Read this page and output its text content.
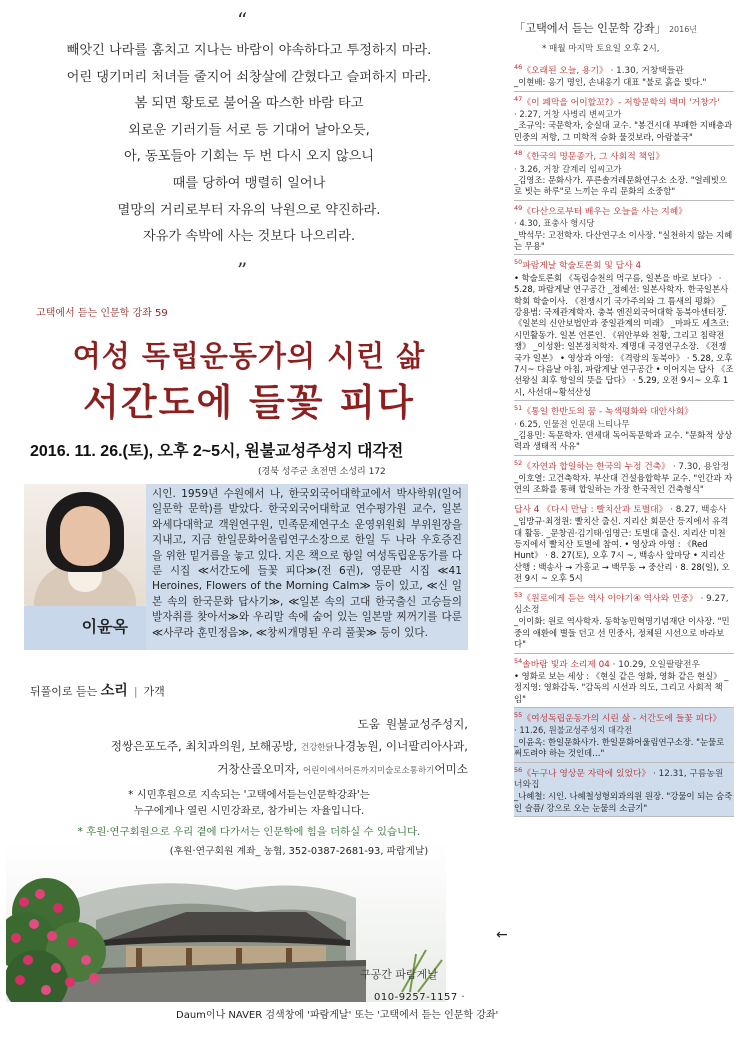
“
빼앗긴 나라를 훔치고 지나는 바람이 야속하다고 투정하지 마라.
어린 댕기머리 처녀들 줄지어 쇠창살에 갇혔다고 슬퍼하지 마라.
봄 되면 황토로 불어올 따스한 바람 타고
외로운 기러기들 서로 등 기대어 날아오듯,
아, 동포들아 기회는 두 번 다시 오지 않으니
때를 당하여 맹렬히 일어나
멸망의 거리로부터 자유의 낙원으로 약진하라.
자유가 속박에 사는 것보다 나으리라.
”
고택에서 듣는 인문학 강좌 59
여성 독립운동가의 시린 삶
서간도에 들꽃 피다
2016. 11. 26.(토), 오후 2~5시, 원불교성주성지 대각전
(경북 성주군 초전면 소성리 172
이윤옥
시인. 1959년 수원에서 나, 한국외국어대학교에서 박사학위(일어일문학 문학)를 받았다. 한국외국어대학교 연수평가원 교수, 일본 와세다대학교 객원연구원, 민족문제연구소 운영위원회 부위원장을 지내고, 지금 한일문화어울림연구소장으로 한일 두 나라 우호증진을 위한 밑거름을 놓고 있다. 지은 책으로 항일 여성독립운동가를 다룬 시집 ≪서간도에 들꽃 피다≫(전 6권), 영문판 시집 ≪41 Heroines, Flowers of the Morning Calm≫ 등이 있고, ≪신 일본 속의 한국문화 답사기≫, ≪일본 속의 고대 한국출신 고승들의 발자취를 찾아서≫와 우리말 속에 숨어 있는 일본말 찌꺼기를 다룬 ≪사쿠라 훈민정음≫, ≪창씨개명된 우리 풀꽃≫ 등이 있다.
뒤풀이로 듣는 소리 | 가객
도움 원불교성주성지,
정쌍은포도주, 최치과의원, 보해공방, 건강한닭나경농원, 이너팔리아사과,
거창산골오미자, 어린이에서어른까지미술로소통하기어미소
* 시민후원으로 지속되는 '고택에서듣는인문학강좌'는
누구에게나 열린 시민강좌로, 참가비는 자율입니다.
* 후원·연구회원으로 우리 곁에 다가서는 인문학에 힘을 더하실 수 있습니다.
(후원·연구회원 계좌_ 농협, 352-0387-2681-93, 파람게날)
구공간 파람게날
010-9257-1157 ·
Daum이나 NAVER 검색창에 '파람게날' 또는 '고택에서 듣는 인문학 강좌'
「고택에서 듣는 인문학 강좌」 2016년
* 매월 마지막 토요일 오후 2시,
$^{46}$《오래된 오늘, 용기》 · 1.30, 거창택들관
_이현배: 옹기 명인, 손내옹기 대표 "불로 흙을 빚다."
$^{47}$《이 폐막을 어이할꼬?》- 저항문학의 백미 '거창가'
· 2.27, 거창 사병리 변씨고가
_조규익: 국문학자, 숭실대 교수. "봉건시대 부패한 지배층과 민중의 저항, 그 미학적 승화 물것보라, 아람불국"
$^{48}$《한국의 명문종가, 그 사회적 책임》
· 3.26, 거창 갈계리 임씨고가
_김영조: 문화사가. 푸른솔겨레문화연구소 소장. "얼레빗으로 빗는 하루"로 느끼는 우리 문화의 소중함"
$^{49}$《다산으로부터 배우는 오늘을 사는 지혜》
· 4.30, 표충사 형시당
_박석무: 고전학자. 다산연구소 이사장. "실천하지 않는 지혜는 무용"
$^{50}$파람게날 학술토론회 및 답사 4
• 학술토론회 《독립승천의 먹구름, 일본을 바로 보다》 · 5.28, 파람게날 연구공간 _정혜선: 일본사학자. 한국일본사학회 학술이사. 《전쟁시기 국가주의와 그 틈새의 평화》 _강용범: 국제관계학자. 충북 엔진외국어대학 동북아센터장. 《일본의 신안보법안과 중일관계의 미래》 _마파도 세츠코: 시민활동가. 일본 언론인. 《위안부와 천황, 그리고 침략전쟁》 _이성환: 일본정치학자. 계명대 국경연구소장. 《전쟁국가 일본》 • 영상과 아영: 《격랑의 동북아》 · 5.28, 오후 7시~ 다음날 아침, 파람게날 연구공간 • 이어지는 답사 《조선왕실 최후 항일의 뜻을 답다》 · 5.29, 오전 9시~ 오후 1시, 사선대~황석산성
$^{51}$《통일 한반도의 꿈 - 녹색평화와 대안사회》
· 6.25, 인물전 인문대 느티나무
_김용민: 독문학자. 연세대 독어독문학과 교수. "문화적 상상력과 생태적 사유"
$^{52}$《자연과 합일하는 한국의 누정 건축》 · 7.30, 용암정
_이호열: 고건축학자. 부산대 건설융합학부 교수. "인간과 자연의 조화를 통해 합일하는 가장 한국적인 건축형식"
답사 4 《다시 만남 : 빨치산과 토벌대》 · 8.27, 백송사
_임방규·최정원: 빨치산 출신. 지리산 회문산 등지에서 유격대 활동. _문창권·김기태·임명근: 토벌대 출신. 지리산 미천 등지에서 빨치산 토벌에 참여. • 영상과 아영 : 《Red Hunt》 · 8. 27(토), 오후 7시 ~, 백송사 앞마당 • 지리산 산행 : 백송사 → 가흥교 → 백무동 → 중산리 · 8. 28(일), 오전 9시 ~ 오후 5시
$^{53}$《원로에게 듣는 역사 이야기④ 역사와 민중》 · 9.27, 심소정
_이이화: 원로 역사학자. 동학농민혁명기념재단 이사장. "민중의 애환에 별들 던고 선 민중사, 정체된 시선으로 바라보다"
$^{54}$솔바람 빛과 소리제 04 · 10.29, 오일팔량전우
• 영화로 보는 세상 : 《현실 같은 영화, 영화 같은 현실》 _정지영: 영화감독. "감독의 시선과 의도, 그리고 사회적 책임"
$^{55}$《여성독립운동가의 시린 삶 - 서간도에 들꽃 피다》
· 11.26, 원불교성주성지 대각전
_이윤옥: 한일문화사가. 한일문화어울림연구소장. "눈물로 써도려야 하는 것인데…"
$^{56}$《누구나 영상문 자락에 있었다》 · 12.31, 구름농원 너와집
_나혜철: 시인. 나혜철성형외과의원 원장. "강물이 되는 숨죽인 슬픔/ 강으로 오는 눈물의 소금기"
←
